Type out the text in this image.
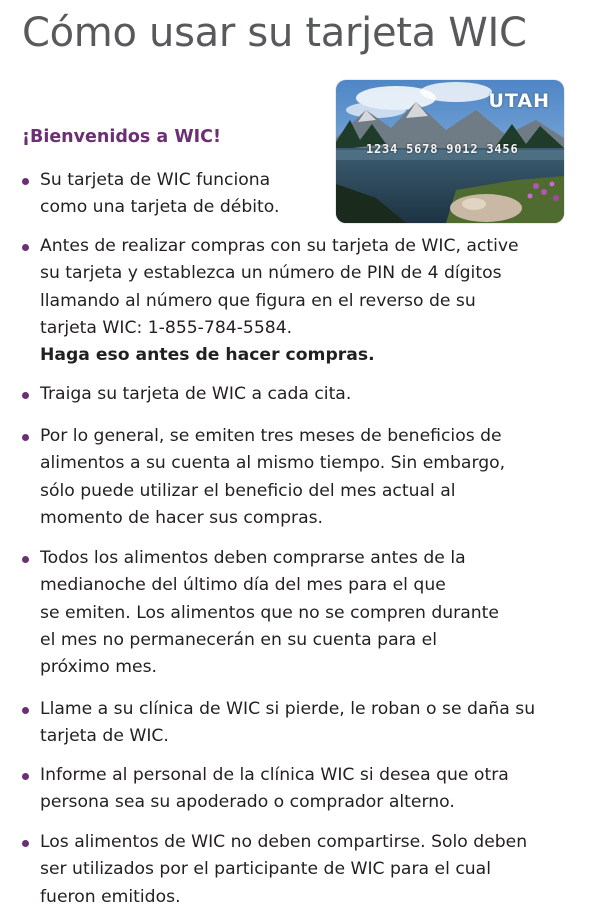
Cómo usar su tarjeta WIC
UTAH
1234 5678 9012 3456
¡Bienvenidos a WIC!
Su tarjeta de WIC funciona
como una tarjeta de débito.
Antes de realizar compras con su tarjeta de WIC, active
su tarjeta y establezca un número de PIN de 4 dígitos
llamando al número que figura en el reverso de su
tarjeta WIC: 1-855-784-5584.
Haga eso antes de hacer compras.
Traiga su tarjeta de WIC a cada cita.
Por lo general, se emiten tres meses de beneficios de
alimentos a su cuenta al mismo tiempo. Sin embargo,
sólo puede utilizar el beneficio del mes actual al
momento de hacer sus compras.
Todos los alimentos deben comprarse antes de la
medianoche del último día del mes para el que
se emiten. Los alimentos que no se compren durante
el mes no permanecerán en su cuenta para el
próximo mes.
Llame a su clínica de WIC si pierde, le roban o se daña su
tarjeta de WIC.
Informe al personal de la clínica WIC si desea que otra
persona sea su apoderado o comprador alterno.
Los alimentos de WIC no deben compartirse. Solo deben
ser utilizados por el participante de WIC para el cual
fueron emitidos.
